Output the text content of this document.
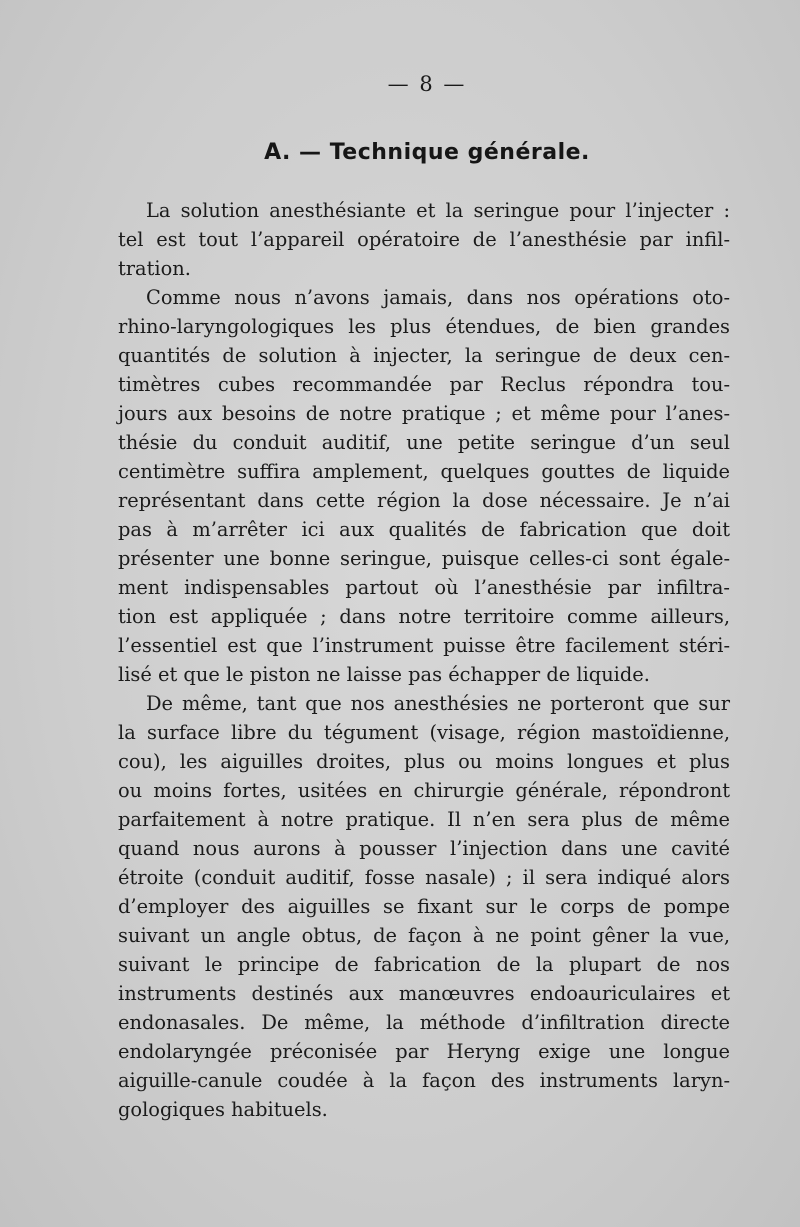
— 8 —
A. — Technique générale.

La solution anesthésiante et la seringue pour l’injecter :
tel est tout l’appareil opératoire de l’anesthésie par infil-
tration.

Comme nous n’avons jamais, dans nos opérations oto-
rhino-laryngologiques les plus étendues, de bien grandes
quantités de solution à injecter, la seringue de deux cen-
timètres cubes recommandée par Reclus répondra tou-
jours aux besoins de notre pratique ; et même pour l’anes-
thésie du conduit auditif, une petite seringue d’un seul
centimètre suffira amplement, quelques gouttes de liquide
représentant dans cette région la dose nécessaire. Je n’ai
pas à m’arrêter ici aux qualités de fabrication que doit
présenter une bonne seringue, puisque celles-ci sont égale-
ment indispensables partout où l’anesthésie par infiltra-
tion est appliquée ; dans notre territoire comme ailleurs,
l’essentiel est que l’instrument puisse être facilement stéri-
lisé et que le piston ne laisse pas échapper de liquide.

De même, tant que nos anesthésies ne porteront que sur
la surface libre du tégument (visage, région mastoïdienne,
cou), les aiguilles droites, plus ou moins longues et plus
ou moins fortes, usitées en chirurgie générale, répondront
parfaitement à notre pratique. Il n’en sera plus de même
quand nous aurons à pousser l’injection dans une cavité
étroite (conduit auditif, fosse nasale) ; il sera indiqué alors
d’employer des aiguilles se fixant sur le corps de pompe
suivant un angle obtus, de façon à ne point gêner la vue,
suivant le principe de fabrication de la plupart de nos
instruments destinés aux manœuvres endoauriculaires et
endonasales. De même, la méthode d’infiltration directe
endolaryngée préconisée par Heryng exige une longue
aiguille-canule coudée à la façon des instruments laryn-
gologiques habituels.
